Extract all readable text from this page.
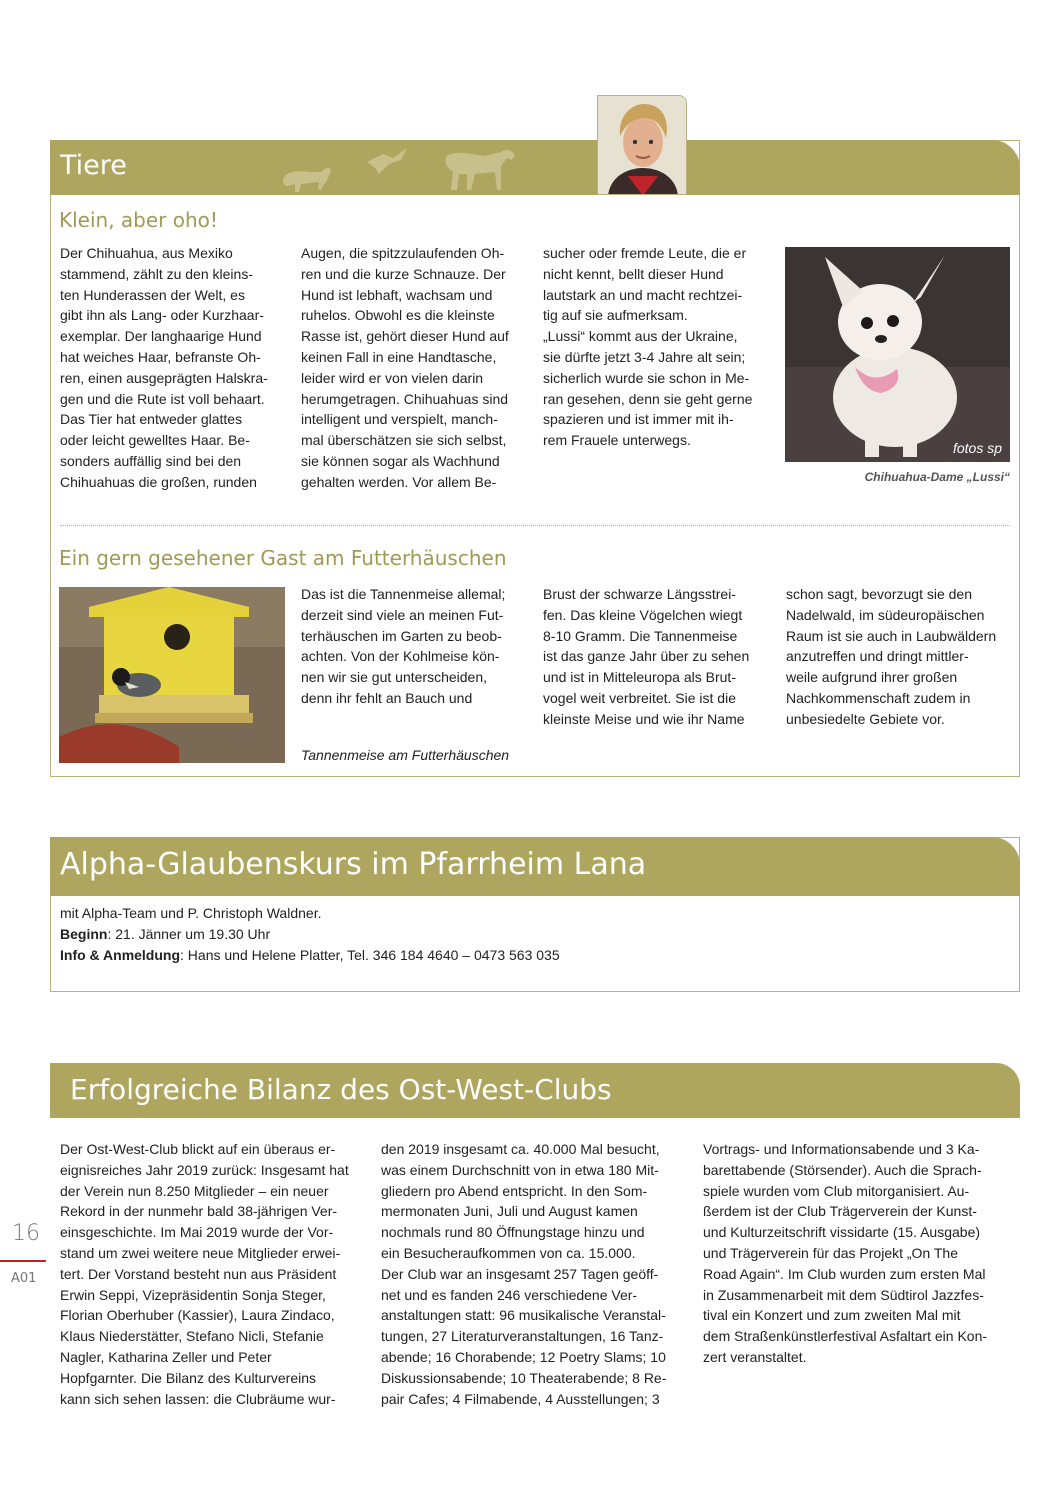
Tiere
Klein, aber oho!
Der Chihuahua, aus Mexiko
stammend, zählt zu den kleins-
ten Hunderassen der Welt, es
gibt ihn als Lang- oder Kurzhaar-
exemplar. Der langhaarige Hund
hat weiches Haar, befranste Oh-
ren, einen ausgeprägten Halskra-
gen und die Rute ist voll behaart.
Das Tier hat entweder glattes
oder leicht gewelltes Haar. Be-
sonders auffällig sind bei den
Chihuahuas die großen, runden
Augen, die spitzzulaufenden Oh-
ren und die kurze Schnauze. Der
Hund ist lebhaft, wachsam und
ruhelos. Obwohl es die kleinste
Rasse ist, gehört dieser Hund auf
keinen Fall in eine Handtasche,
leider wird er von vielen darin
herumgetragen. Chihuahuas sind
intelligent und verspielt, manch-
mal überschätzen sie sich selbst,
sie können sogar als Wachhund
gehalten werden. Vor allem Be-
sucher oder fremde Leute, die er
nicht kennt, bellt dieser Hund
lautstark an und macht rechtzei-
tig auf sie aufmerksam.
„Lussi“ kommt aus der Ukraine,
sie dürfte jetzt 3-4 Jahre alt sein;
sicherlich wurde sie schon in Me-
ran gesehen, denn sie geht gerne
spazieren und ist immer mit ih-
rem Frauele unterwegs.	fotos sp
Chihuahua-Dame „Lussi“
Ein gern gesehener Gast am Futterhäuschen
Das ist die Tannenmeise allemal;
derzeit sind viele an meinen Fut-
terhäuschen im Garten zu beob-
achten. Von der Kohlmeise kön-
nen wir sie gut unterscheiden,
denn ihr fehlt an Bauch und
Brust der schwarze Längsstrei-
fen. Das kleine Vögelchen wiegt
8-10 Gramm. Die Tannenmeise
ist das ganze Jahr über zu sehen
und ist in Mitteleuropa als Brut-
vogel weit verbreitet. Sie ist die
kleinste Meise und wie ihr Name
schon sagt, bevorzugt sie den
Nadelwald, im südeuropäischen
Raum ist sie auch in Laubwäldern
anzutreffen und dringt mittler-
weile aufgrund ihrer großen
Nachkommenschaft zudem in
unbesiedelte Gebiete vor.
Tannenmeise am Futterhäuschen
Alpha-Glaubenskurs im Pfarrheim Lana
mit Alpha-Team und P. Christoph Waldner.
Beginn: 21. Jänner um 19.30 Uhr
Info & Anmeldung: Hans und Helene Platter, Tel. 346 184 4640 – 0473 563 035
Erfolgreiche Bilanz des Ost-West-Clubs
Der Ost-West-Club blickt auf ein überaus er-
eignisreiches Jahr 2019 zurück: Insgesamt hat
der Verein nun 8.250 Mitglieder – ein neuer
Rekord in der nunmehr bald 38-jährigen Ver-
einsgeschichte. Im Mai 2019 wurde der Vor-
stand um zwei weitere neue Mitglieder erwei-
tert. Der Vorstand besteht nun aus Präsident
Erwin Seppi, Vizepräsidentin Sonja Steger,
Florian Oberhuber (Kassier), Laura Zindaco,
Klaus Niederstätter, Stefano Nicli, Stefanie
Nagler, Katharina Zeller und Peter
Hopfgarnter. Die Bilanz des Kulturvereins
kann sich sehen lassen: die Clubräume wur-
den 2019 insgesamt ca. 40.000 Mal besucht,
was einem Durchschnitt von in etwa 180 Mit-
gliedern pro Abend entspricht. In den Som-
mermonaten Juni, Juli und August kamen
nochmals rund 80 Öffnungstage hinzu und
ein Besucheraufkommen von ca. 15.000.
Der Club war an insgesamt 257 Tagen geöff-
net und es fanden 246 verschiedene Ver-
anstaltungen statt: 96 musikalische Veranstal-
tungen, 27 Literaturveranstaltungen, 16 Tanz-
abende; 16 Chorabende; 12 Poetry Slams; 10
Diskussionsabende; 10 Theaterabende; 8 Re-
pair Cafes; 4 Filmabende, 4 Ausstellungen; 3
Vortrags- und Informationsabende und 3 Ka-
barettabende (Störsender). Auch die Sprach-
spiele wurden vom Club mitorganisiert. Au-
ßerdem ist der Club Trägerverein der Kunst-
und Kulturzeitschrift vissidarte (15. Ausgabe)
und Trägerverein für das Projekt „On The
Road Again“. Im Club wurden zum ersten Mal
in Zusammenarbeit mit dem Südtirol Jazzfes-
tival ein Konzert und zum zweiten Mal mit
dem Straßenkünstlerfestival Asfaltart ein Kon-
zert veranstaltet.
16
A01
